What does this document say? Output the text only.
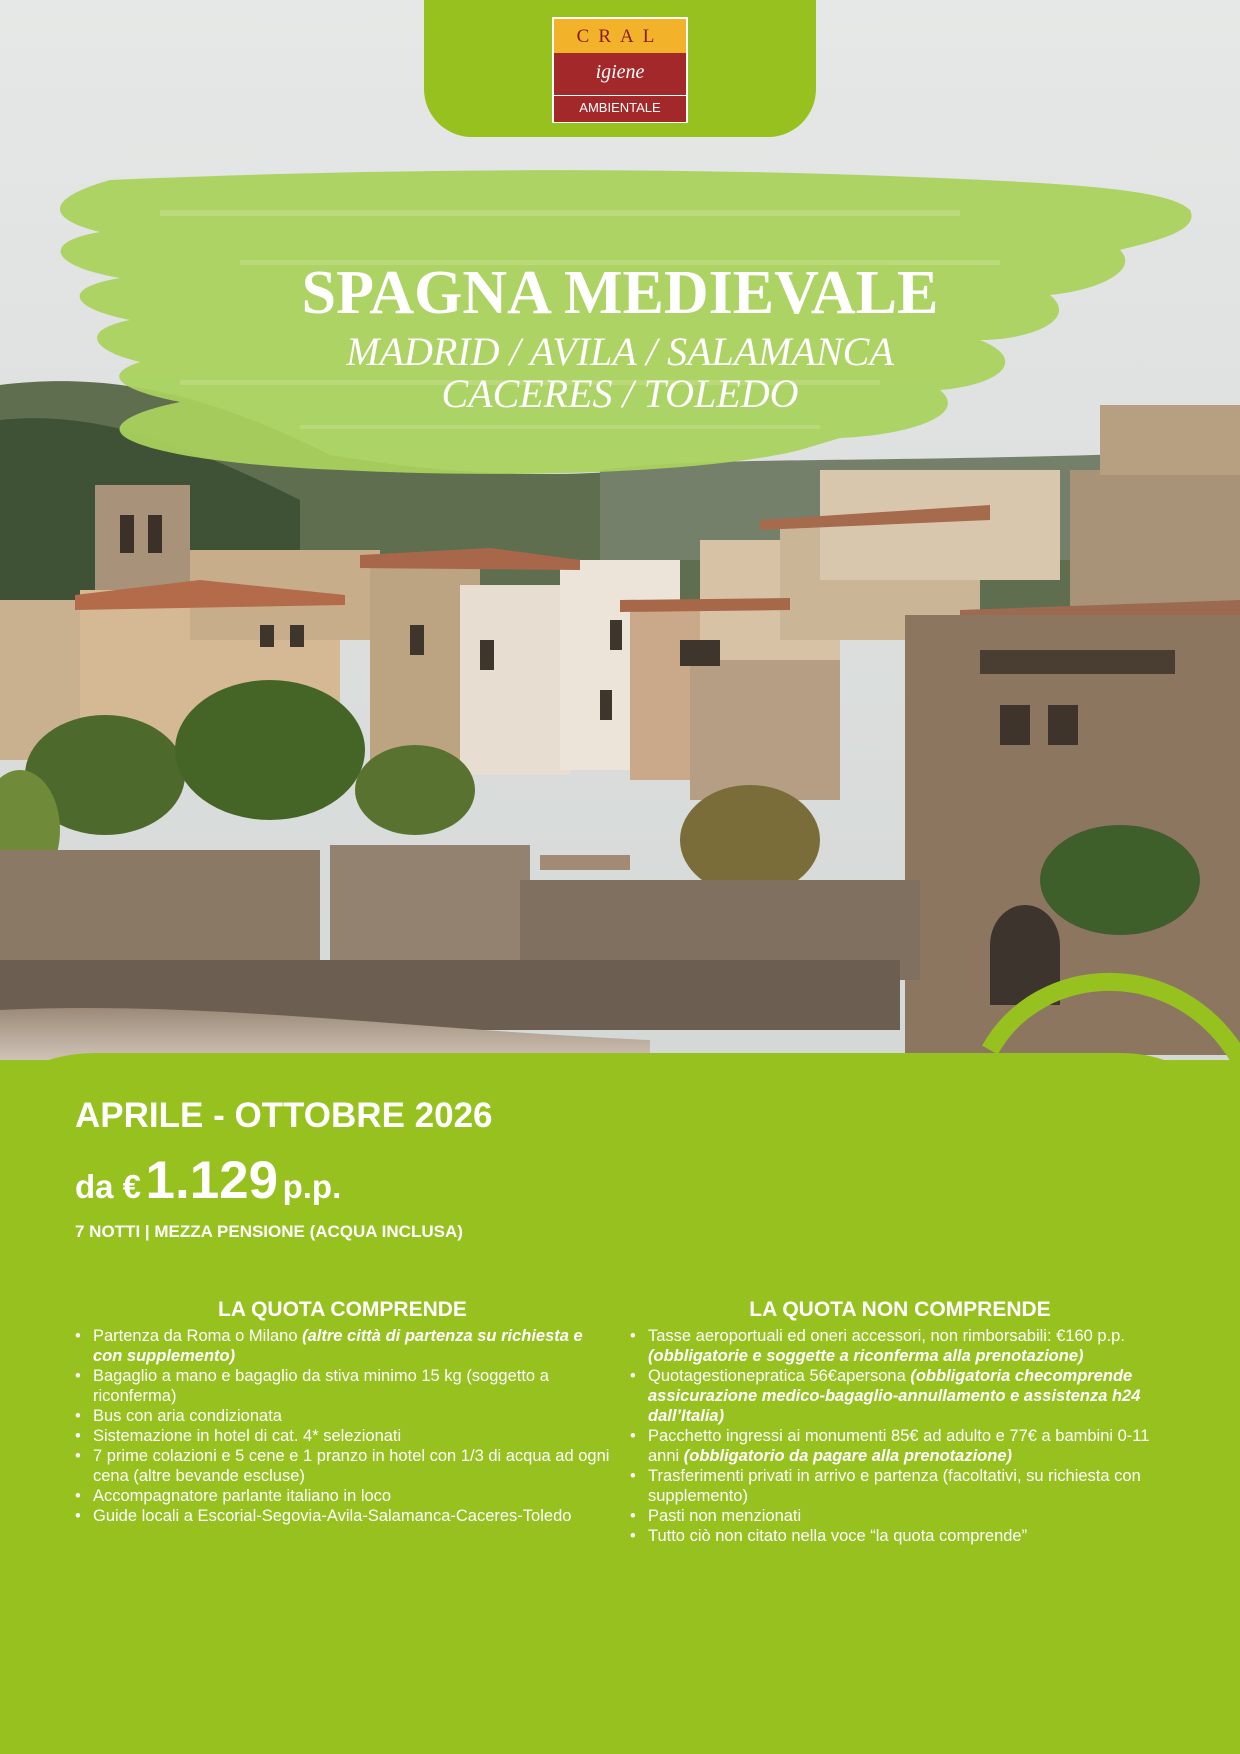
CRAL
igiene
AMBIENTALE
SPAGNA MEDIEVALE
MADRID / AVILA / SALAMANCA
CACERES / TOLEDO
APRILE - OTTOBRE 2026
da € 1.129 p.p.
7 NOTTI | MEZZA PENSIONE (ACQUA INCLUSA)
LA QUOTA COMPRENDE
• Partenza da Roma o Milano (altre città di partenza su richiesta e con supplemento)
• Bagaglio a mano e bagaglio da stiva minimo 15 kg (soggetto a riconferma)
• Bus con aria condizionata
• Sistemazione in hotel di cat. 4* selezionati
• 7 prime colazioni e 5 cene e 1 pranzo in hotel con 1/3 di acqua ad ogni cena (altre bevande escluse)
• Accompagnatore parlante italiano in loco
• Guide locali a Escorial-Segovia-Avila-Salamanca-Caceres-Toledo
LA QUOTA NON COMPRENDE
• Tasse aeroportuali ed oneri accessori, non rimborsabili: €160 p.p. (obbligatorie e soggette a riconferma alla prenotazione)
• Quotagestionepratica 56€apersona (obbligatoria checomprende assicurazione medico-bagaglio-annullamento e assistenza h24 dall’Italia)
• Pacchetto ingressi ai monumenti 85€ ad adulto e 77€ a bambini 0-11 anni (obbligatorio da pagare alla prenotazione)
• Trasferimenti privati in arrivo e partenza (facoltativi, su richiesta con supplemento)
• Pasti non menzionati
• Tutto ciò non citato nella voce “la quota comprende”
